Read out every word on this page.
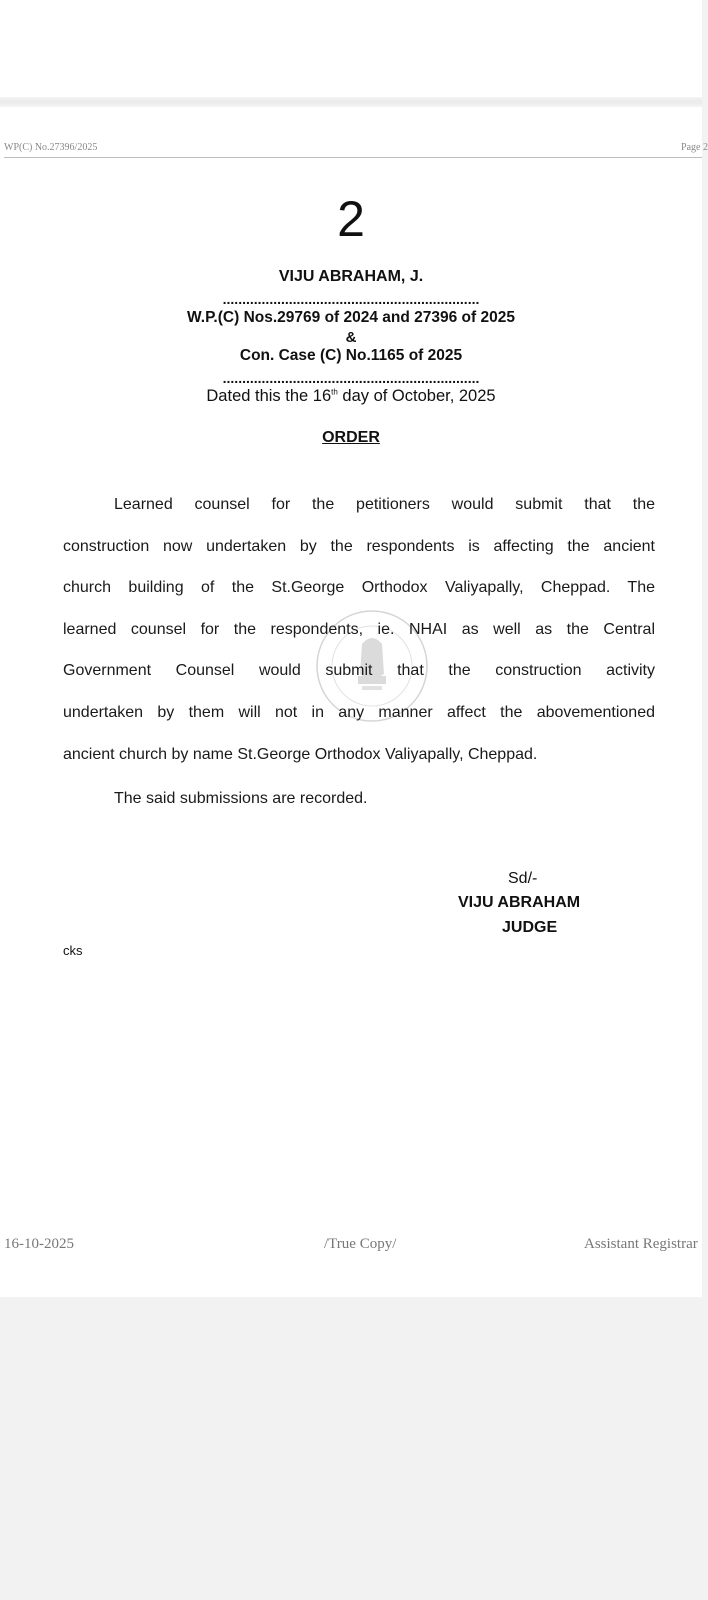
WP(C) No.27396/2025	Page 2
2
VIJU ABRAHAM, J.
..................................................................
W.P.(C) Nos.29769 of 2024 and 27396 of 2025
&
Con. Case (C) No.1165 of 2025
..................................................................
Dated this the 16th day of October, 2025
ORDER
Learned counsel for the petitioners would submit that the
construction now undertaken by the respondents is affecting the ancient
church building of the St.George Orthodox Valiyapally, Cheppad. The
learned counsel for the respondents, ie. NHAI as well as the Central
Government Counsel would submit that the construction activity
undertaken by them will not in any manner affect the abovementioned
ancient church by name St.George Orthodox Valiyapally, Cheppad.
The said submissions are recorded.
Sd/-
VIJU ABRAHAM
JUDGE
cks
16-10-2025	/True Copy/	Assistant Registrar
